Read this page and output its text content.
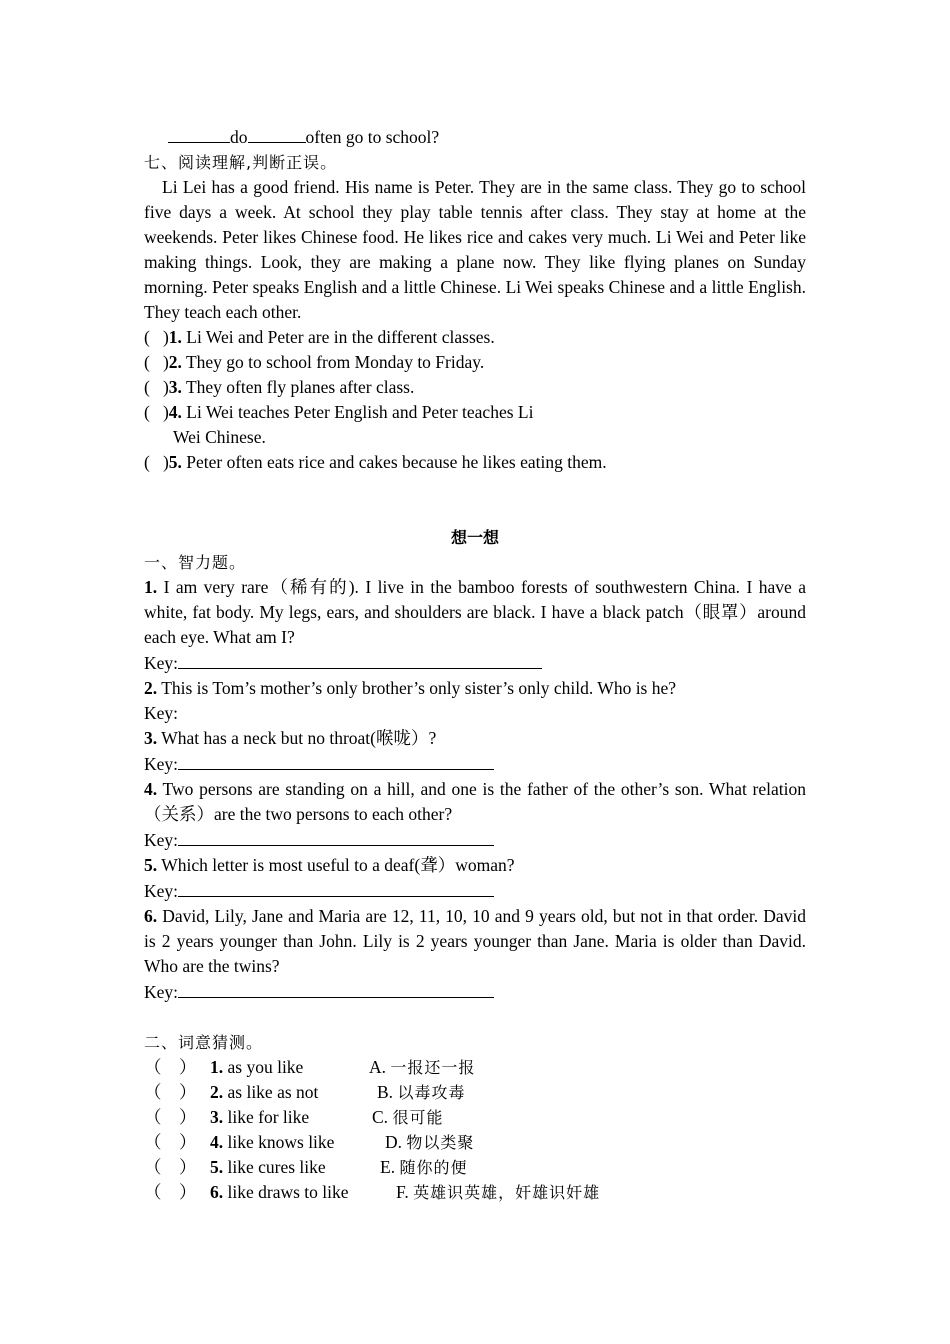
do	often go to school?
七、阅读理解,判断正误。
Li Lei has a good friend. His name is Peter. They are in the same class. They go to school five days a week. At school they play table tennis after class. They stay at home at the weekends. Peter likes Chinese food. He likes rice and cakes very much. Li Wei and Peter like making things. Look, they are making a plane now. They like flying planes on Sunday morning. Peter speaks English and a little Chinese. Li Wei speaks Chinese and a little English. They teach each other.
(   )1. Li Wei and Peter are in the different classes.
(   )2. They go to school from Monday to Friday.
(   )3. They often fly planes after class.
(   )4. Li Wei teaches Peter English and Peter teaches Li
Wei Chinese.
(   )5. Peter often eats rice and cakes because he likes eating them.
想一想
一、智力题。
1. I am very rare（稀有的). I live in the bamboo forests of southwestern China. I have a white, fat body. My legs, ears, and shoulders are black. I have a black patch（眼罩）around each eye. What am I?
Key:
2. This is Tom’s mother’s only brother’s only sister’s only child. Who is he?
Key:
3. What has a neck but no throat(喉咙）?
Key:
4. Two persons are standing on a hill, and one is the father of the other’s son. What relation（关系）are the two persons to each other?
Key:
5. Which letter is most useful to a deaf(聋）woman?
Key:
6. David, Lily, Jane and Maria are 12, 11, 10, 10 and 9 years old, but not in that order. David is 2 years younger than John. Lily is 2 years younger than Jane. Maria is older than David. Who are the twins?
Key:
二、词意猜测。
（    ） 1. as you like	A. 一报还一报
（    ） 2. as like as not	B. 以毒攻毒
（    ） 3. like for like	C. 很可能
（    ） 4. like knows like	D. 物以类聚
（    ） 5. like cures like	E. 随你的便
（    ） 6. like draws to like	F. 英雄识英雄，奸雄识奸雄
